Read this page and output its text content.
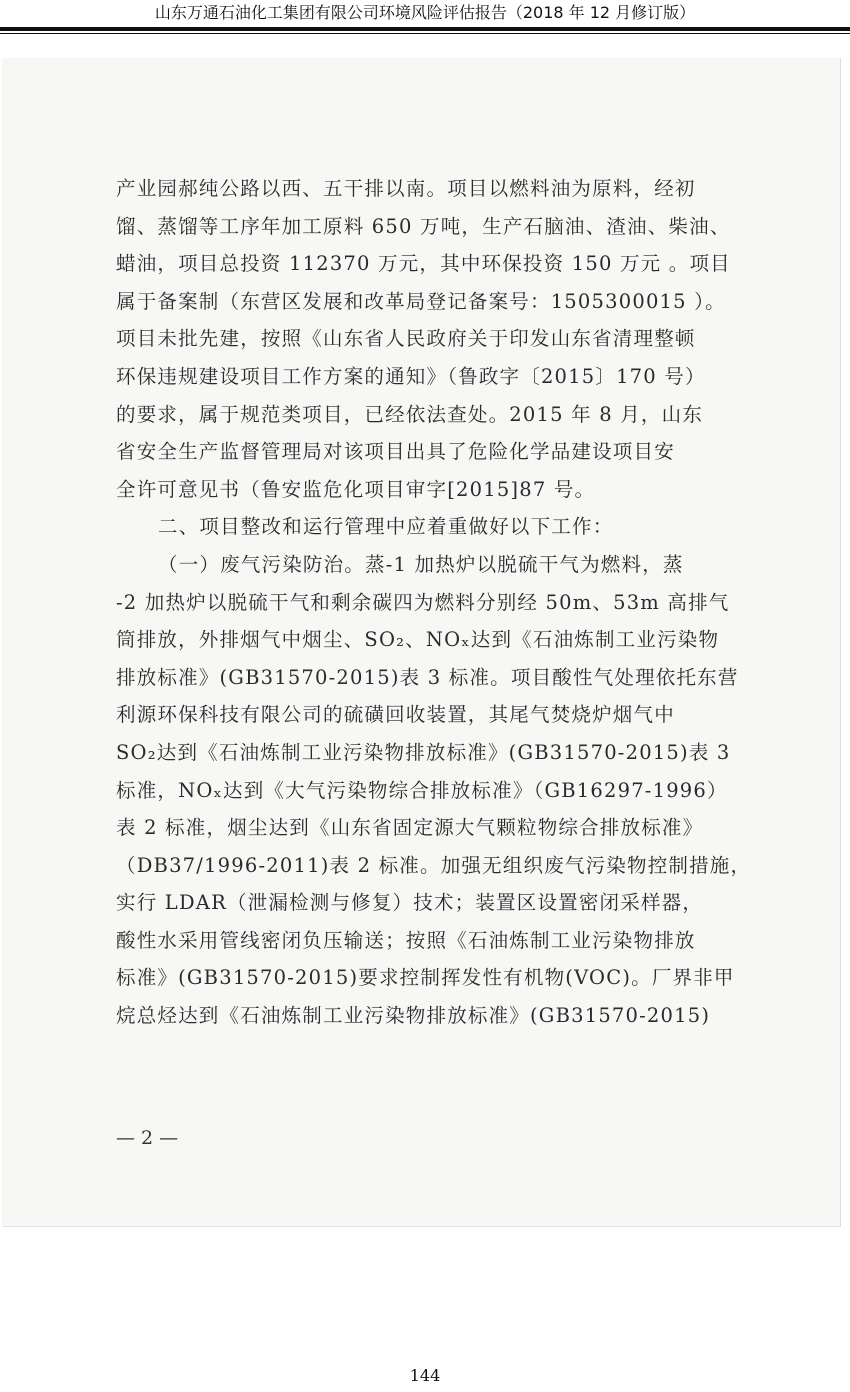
山东万通石油化工集团有限公司环境风险评估报告（2018 年 12 月修订版）
产业园郝纯公路以西、五干排以南。项目以燃料油为原料，经初
馏、蒸馏等工序年加工原料 650 万吨，生产石脑油、渣油、柴油、
蜡油，项目总投资 112370 万元，其中环保投资 150 万元 。项目
属于备案制（东营区发展和改革局登记备案号：1505300015 ）。
项目未批先建，按照《山东省人民政府关于印发山东省清理整顿
环保违规建设项目工作方案的通知》（鲁政字〔2015〕170 号）
的要求，属于规范类项目，已经依法查处。2015 年 8 月，山东
省安全生产监督管理局对该项目出具了危险化学品建设项目安
全许可意见书（鲁安监危化项目审字[2015]87 号。
二、项目整改和运行管理中应着重做好以下工作：
（一）废气污染防治。蒸-1 加热炉以脱硫干气为燃料，蒸
-2 加热炉以脱硫干气和剩余碳四为燃料分别经 50m、53m 高排气
筒排放，外排烟气中烟尘、SO₂、NOₓ达到《石油炼制工业污染物
排放标准》(GB31570-2015)表 3 标准。项目酸性气处理依托东营
利源环保科技有限公司的硫磺回收装置，其尾气焚烧炉烟气中
SO₂达到《石油炼制工业污染物排放标准》(GB31570-2015)表 3
标准，NOₓ达到《大气污染物综合排放标准》（GB16297-1996）
表 2 标准，烟尘达到《山东省固定源大气颗粒物综合排放标准》
（DB37/1996-2011)表 2 标准。加强无组织废气污染物控制措施，
实行 LDAR（泄漏检测与修复）技术；装置区设置密闭采样器，
酸性水采用管线密闭负压输送；按照《石油炼制工业污染物排放
标准》(GB31570-2015)要求控制挥发性有机物(VOC)。厂界非甲
烷总烃达到《石油炼制工业污染物排放标准》(GB31570-2015)
— 2 —
144
